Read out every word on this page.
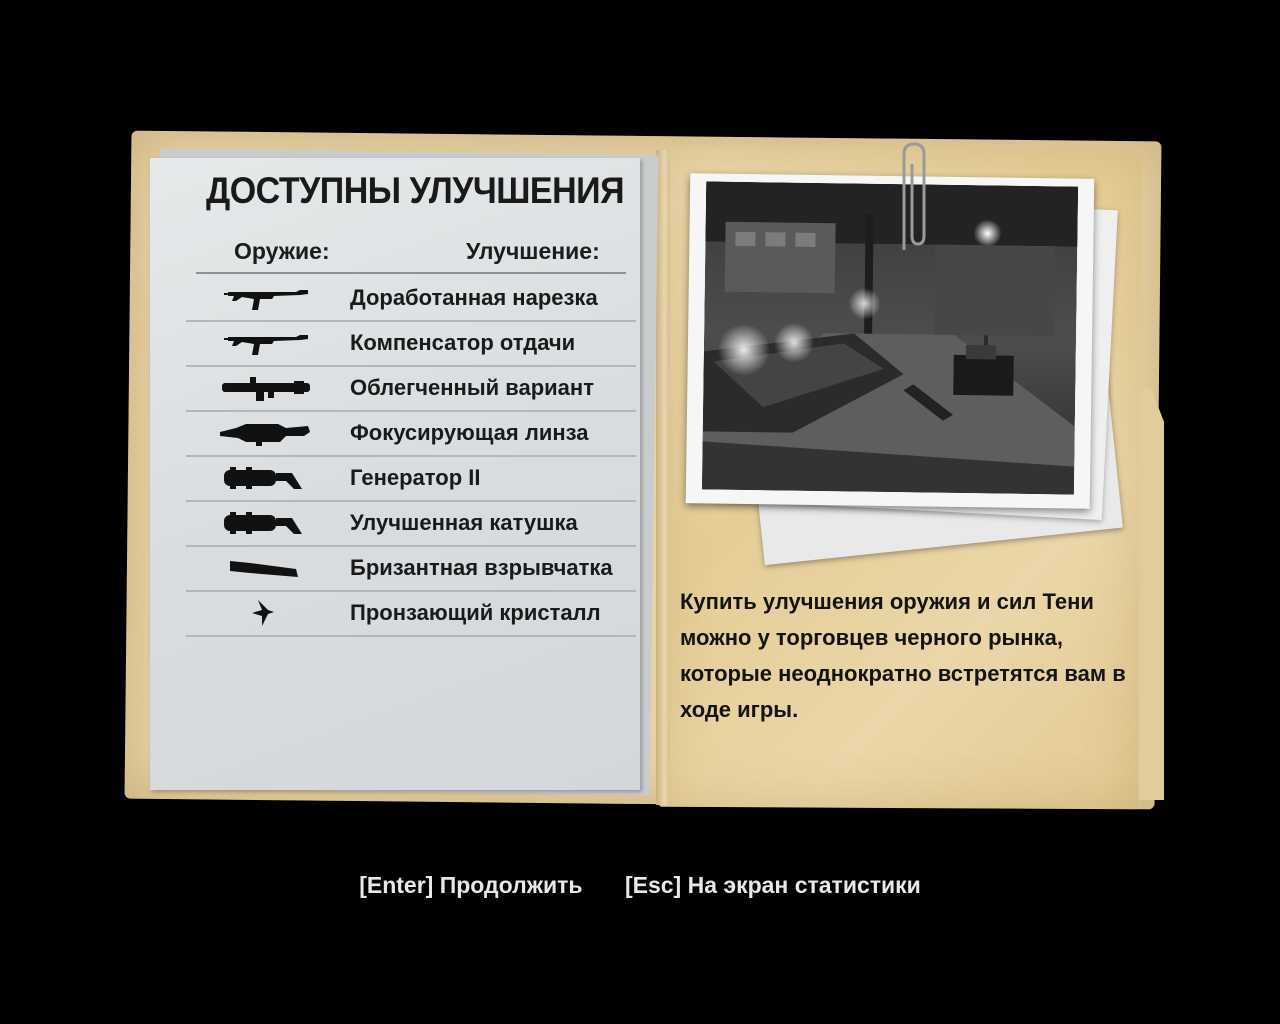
ДОСТУПНЫ УЛУЧШЕНИЯ
Оружие:	Улучшение:
Доработанная нарезка
Компенсатор отдачи
Облегченный вариант
Фокусирующая линза
Генератор II
Улучшенная катушка
Бризантная взрывчатка
Пронзающий кристалл	Купить улучшения оружия и сил Тени
можно у торговцев черного рынка,
которые неоднократно встретятся вам в
ходе игры.
[Enter] Продолжить [Esc] На экран статистики
